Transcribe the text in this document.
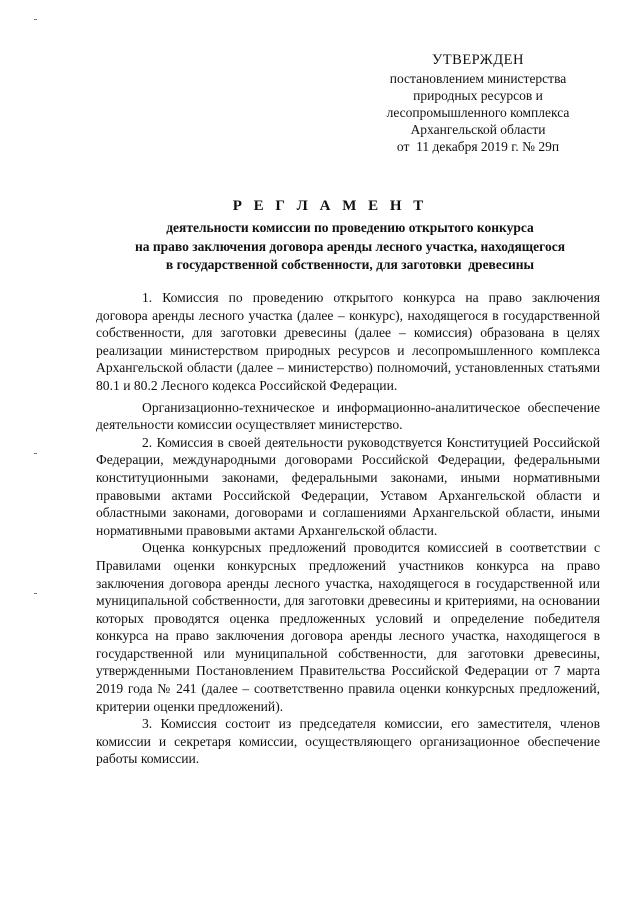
УТВЕРЖДЕН
постановлением министерства
природных ресурсов и
лесопромышленного комплекса
Архангельской области
от  11 декабря 2019 г. № 29п
Р Е Г Л А М Е Н Т
деятельности комиссии по проведению открытого конкурса
на право заключения договора аренды лесного участка, находящегося
в государственной собственности, для заготовки  древесины

1. Комиссия по проведению открытого конкурса на право заключения договора аренды лесного участка (далее – конкурс), находящегося в государственной собственности, для заготовки древесины (далее – комиссия) образована в целях реализации министерством природных ресурсов и лесопромышленного комплекса Архангельской области (далее – министерство) полномочий, установленных статьями 80.1 и 80.2 Лесного кодекса Российской Федерации.

Организационно-техническое и информационно-аналитическое обеспечение деятельности комиссии осуществляет министерство.

2. Комиссия в своей деятельности руководствуется Конституцией Российской Федерации, международными договорами Российской Федерации, федеральными конституционными законами, федеральными законами, иными нормативными правовыми актами Российской Федерации, Уставом Архангельской области и областными законами, договорами и соглашениями Архангельской области, иными нормативными правовыми актами Архангельской области.

Оценка конкурсных предложений проводится комиссией в соответствии с Правилами оценки конкурсных предложений участников конкурса на право заключения договора аренды лесного участка, находящегося в государственной или муниципальной собственности, для заготовки древесины и критериями, на основании которых проводятся оценка предложенных условий и определение победителя конкурса на право заключения договора аренды лесного участка, находящегося в государственной или муниципальной собственности, для заготовки древесины, утвержденными Постановлением Правительства Российской Федерации от 7 марта 2019 года № 241 (далее – соответственно правила оценки конкурсных предложений, критерии оценки предложений).

3. Комиссия состоит из председателя комиссии, его заместителя, членов комиссии и секретаря комиссии, осуществляющего организационное обеспечение работы комиссии.
